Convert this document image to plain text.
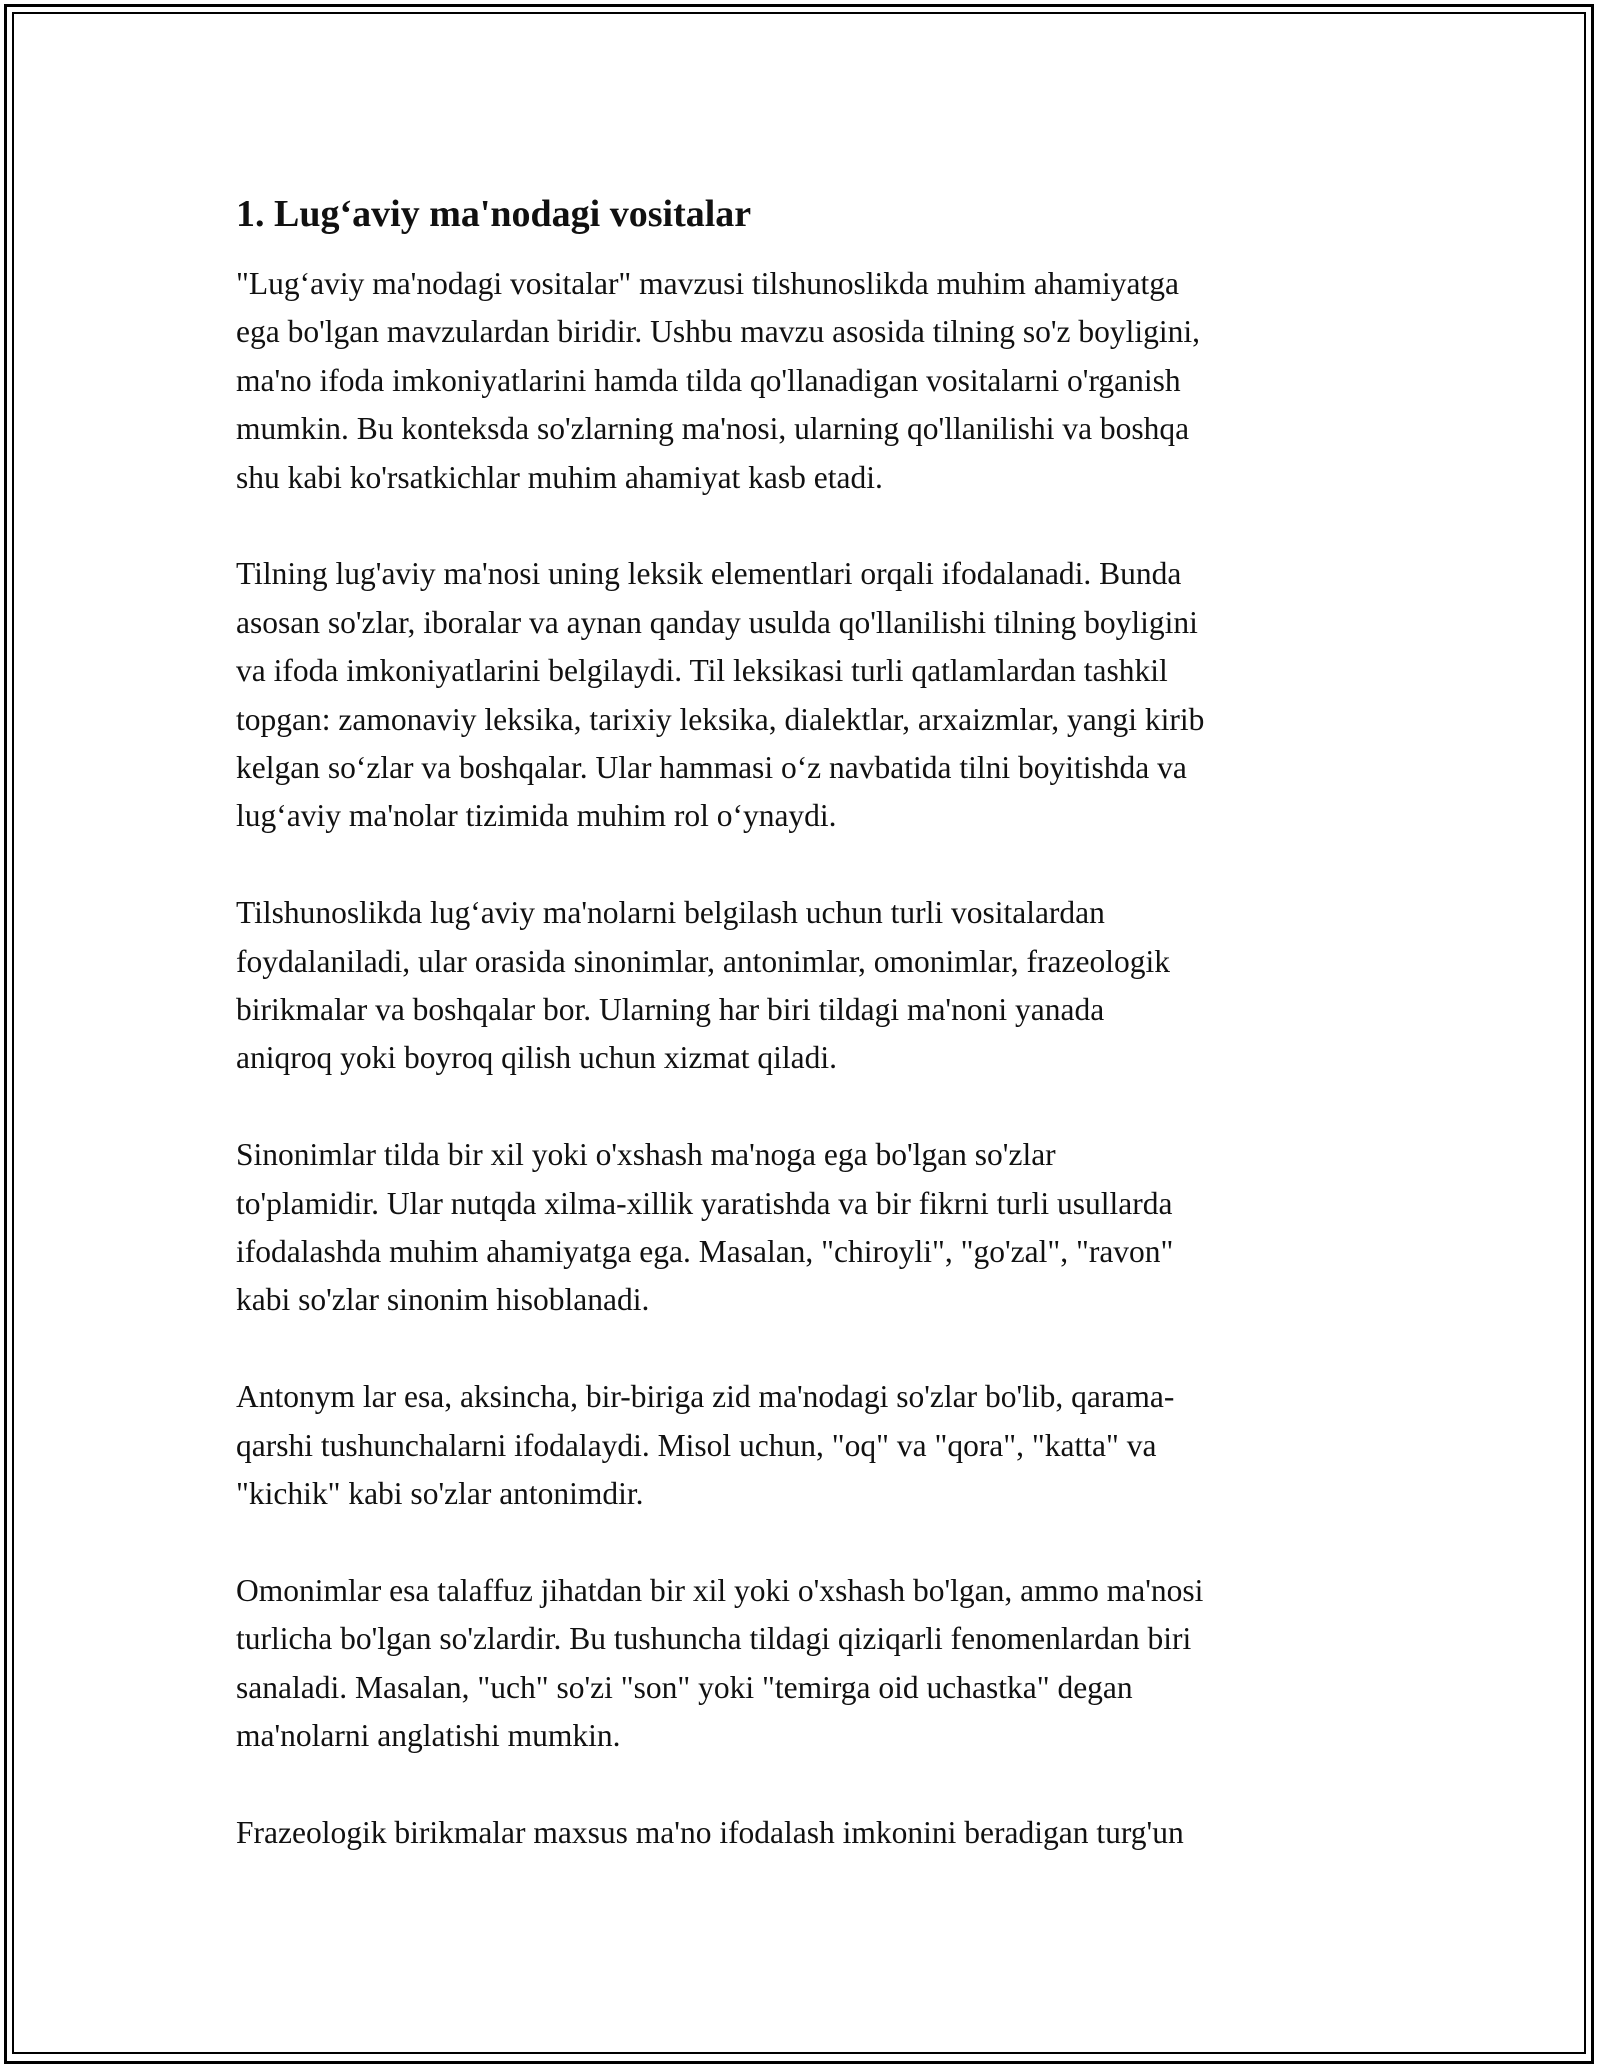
1. Lug‘aviy ma'nodagi vositalar
"Lug‘aviy ma'nodagi vositalar" mavzusi tilshunoslikda muhim ahamiyatga
ega bo'lgan mavzulardan biridir. Ushbu mavzu asosida tilning so'z boyligini,
ma'no ifoda imkoniyatlarini hamda tilda qo'llanadigan vositalarni o'rganish
mumkin. Bu konteksda so'zlarning ma'nosi, ularning qo'llanilishi va boshqa
shu kabi ko'rsatkichlar muhim ahamiyat kasb etadi.
Tilning lug'aviy ma'nosi uning leksik elementlari orqali ifodalanadi. Bunda
asosan so'zlar, iboralar va aynan qanday usulda qo'llanilishi tilning boyligini
va ifoda imkoniyatlarini belgilaydi. Til leksikasi turli qatlamlardan tashkil
topgan: zamonaviy leksika, tarixiy leksika, dialektlar, arxaizmlar, yangi kirib
kelgan so‘zlar va boshqalar. Ular hammasi o‘z navbatida tilni boyitishda va
lug‘aviy ma'nolar tizimida muhim rol o‘ynaydi.
Tilshunoslikda lug‘aviy ma'nolarni belgilash uchun turli vositalardan
foydalaniladi, ular orasida sinonimlar, antonimlar, omonimlar, frazeologik
birikmalar va boshqalar bor. Ularning har biri tildagi ma'noni yanada
aniqroq yoki boyroq qilish uchun xizmat qiladi.
Sinonimlar tilda bir xil yoki o'xshash ma'noga ega bo'lgan so'zlar
to'plamidir. Ular nutqda xilma-xillik yaratishda va bir fikrni turli usullarda
ifodalashda muhim ahamiyatga ega. Masalan, "chiroyli", "go'zal", "ravon"
kabi so'zlar sinonim hisoblanadi.
Antonym lar esa, aksincha, bir-biriga zid ma'nodagi so'zlar bo'lib, qarama-
qarshi tushunchalarni ifodalaydi. Misol uchun, "oq" va "qora", "katta" va
"kichik" kabi so'zlar antonimdir.
Omonimlar esa talaffuz jihatdan bir xil yoki o'xshash bo'lgan, ammo ma'nosi
turlicha bo'lgan so'zlardir. Bu tushuncha tildagi qiziqarli fenomenlardan biri
sanaladi. Masalan, "uch" so'zi "son" yoki "temirga oid uchastka" degan
ma'nolarni anglatishi mumkin.
Frazeologik birikmalar maxsus ma'no ifodalash imkonini beradigan turg'un
